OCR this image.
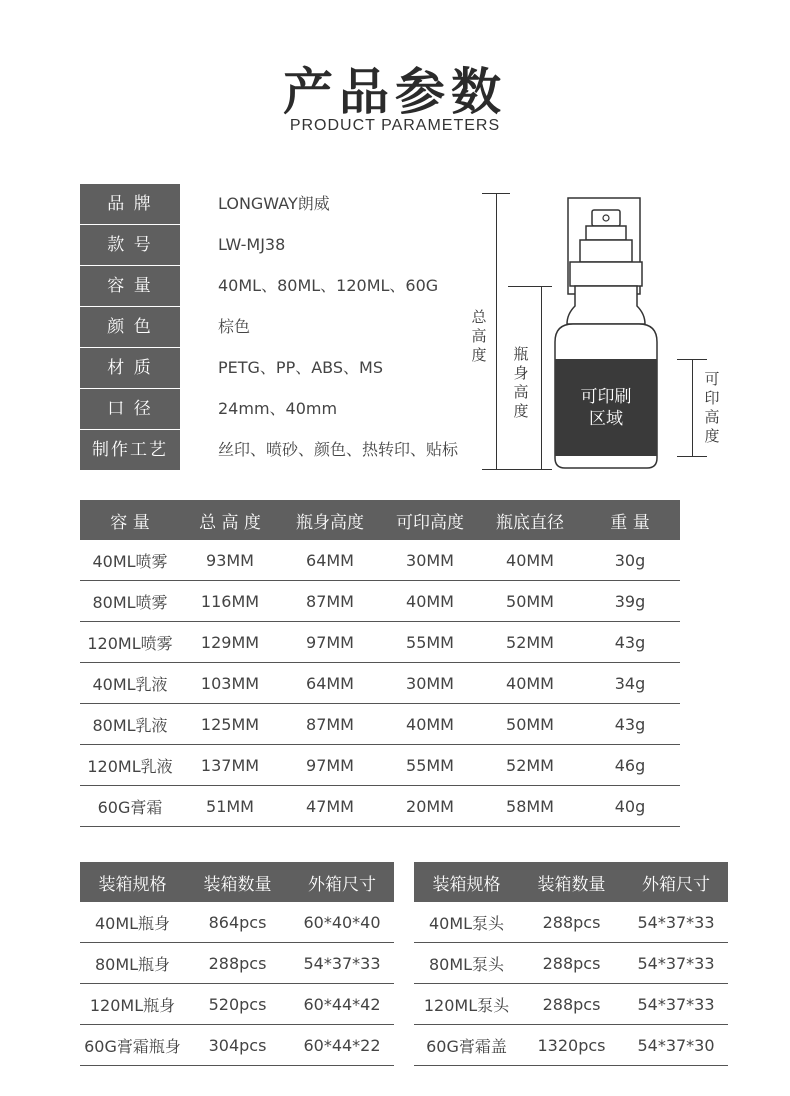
产品参数
PRODUCT PARAMETERS
品 牌	LONGWAY朗威
款 号	LW-MJ38
容 量	40ML、80ML、120ML、60G
颜 色	棕色
材 质	PETG、PP、ABS、MS
口 径	24mm、40mm
制作工艺	丝印、喷砂、颜色、热转印、贴标
总高度 瓶身高度
可印高度
可印刷
区域
容 量	总 高 度	瓶身高度	可印高度	瓶底直径	重 量
40ML喷雾	93MM	64MM	30MM	40MM	30g
80ML喷雾	116MM	87MM	40MM	50MM	39g
120ML喷雾	129MM	97MM	55MM	52MM	43g
40ML乳液	103MM	64MM	30MM	40MM	34g
80ML乳液	125MM	87MM	40MM	50MM	43g
120ML乳液	137MM	97MM	55MM	52MM	46g
60G膏霜	51MM	47MM	20MM	58MM	40g
装箱规格	装箱数量	外箱尺寸
40ML瓶身	864pcs	60*40*40
80ML瓶身	288pcs	54*37*33
120ML瓶身	520pcs	60*44*42
60G膏霜瓶身	304pcs	60*44*22
装箱规格	装箱数量	外箱尺寸
40ML泵头	288pcs	54*37*33
80ML泵头	288pcs	54*37*33
120ML泵头	288pcs	54*37*33
60G膏霜盖	1320pcs	54*37*30
